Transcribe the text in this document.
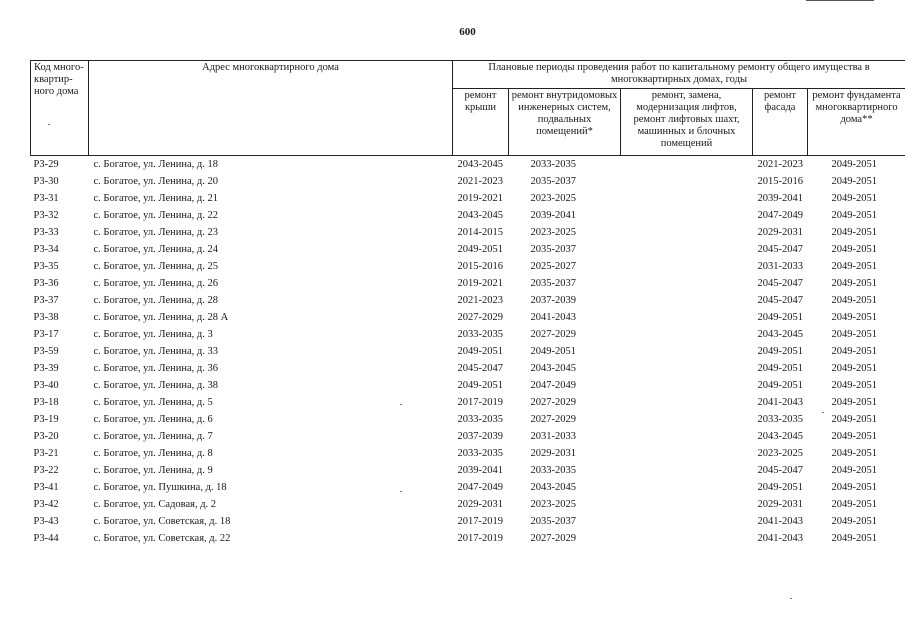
600
Код много-квартир-ного дома	Адрес многоквартирного дома	Плановые периоды проведения работ по капитальному ремонту общего имущества в многоквартирных домах, годы				
		ремонт крыши	ремонт внутридомовых инженерных систем, подвальных помещений*	ремонт, замена, модернизация лифтов, ремонт лифтовых шахт, машинных и блочных помещений	ремонт фасада	ремонт фундамента многоквартирного дома**
Р3-29	с. Богатое, ул. Ленина, д. 18	2043-2045	2033-2035		2021-2023	2049-2051
Р3-30	с. Богатое, ул. Ленина, д. 20	2021-2023	2035-2037		2015-2016	2049-2051
Р3-31	с. Богатое, ул. Ленина, д. 21	2019-2021	2023-2025		2039-2041	2049-2051
Р3-32	с. Богатое, ул. Ленина, д. 22	2043-2045	2039-2041		2047-2049	2049-2051
Р3-33	с. Богатое, ул. Ленина, д. 23	2014-2015	2023-2025		2029-2031	2049-2051
Р3-34	с. Богатое, ул. Ленина, д. 24	2049-2051	2035-2037		2045-2047	2049-2051
Р3-35	с. Богатое, ул. Ленина, д. 25	2015-2016	2025-2027		2031-2033	2049-2051
Р3-36	с. Богатое, ул. Ленина, д. 26	2019-2021	2035-2037		2045-2047	2049-2051
Р3-37	с. Богатое, ул. Ленина, д. 28	2021-2023	2037-2039		2045-2047	2049-2051
Р3-38	с. Богатое, ул. Ленина, д. 28 А	2027-2029	2041-2043		2049-2051	2049-2051
Р3-17	с. Богатое, ул. Ленина, д. 3	2033-2035	2027-2029		2043-2045	2049-2051
Р3-59	с. Богатое, ул. Ленина, д. 33	2049-2051	2049-2051		2049-2051	2049-2051
Р3-39	с. Богатое, ул. Ленина, д. 36	2045-2047	2043-2045		2049-2051	2049-2051
Р3-40	с. Богатое, ул. Ленина, д. 38	2049-2051	2047-2049		2049-2051	2049-2051
Р3-18	с. Богатое, ул. Ленина, д. 5	2017-2019	2027-2029		2041-2043	2049-2051
Р3-19	с. Богатое, ул. Ленина, д. 6	2033-2035	2027-2029		2033-2035	2049-2051
Р3-20	с. Богатое, ул. Ленина, д. 7	2037-2039	2031-2033		2043-2045	2049-2051
Р3-21	с. Богатое, ул. Ленина, д. 8	2033-2035	2029-2031		2023-2025	2049-2051
Р3-22	с. Богатое, ул. Ленина, д. 9	2039-2041	2033-2035		2045-2047	2049-2051
Р3-41	с. Богатое, ул. Пушкина, д. 18	2047-2049	2043-2045		2049-2051	2049-2051
Р3-42	с. Богатое, ул. Садовая, д. 2	2029-2031	2023-2025		2029-2031	2049-2051
Р3-43	с. Богатое, ул. Советская, д. 18	2017-2019	2035-2037		2041-2043	2049-2051
Р3-44	с. Богатое, ул. Советская, д. 22	2017-2019	2027-2029		2041-2043	2049-2051
